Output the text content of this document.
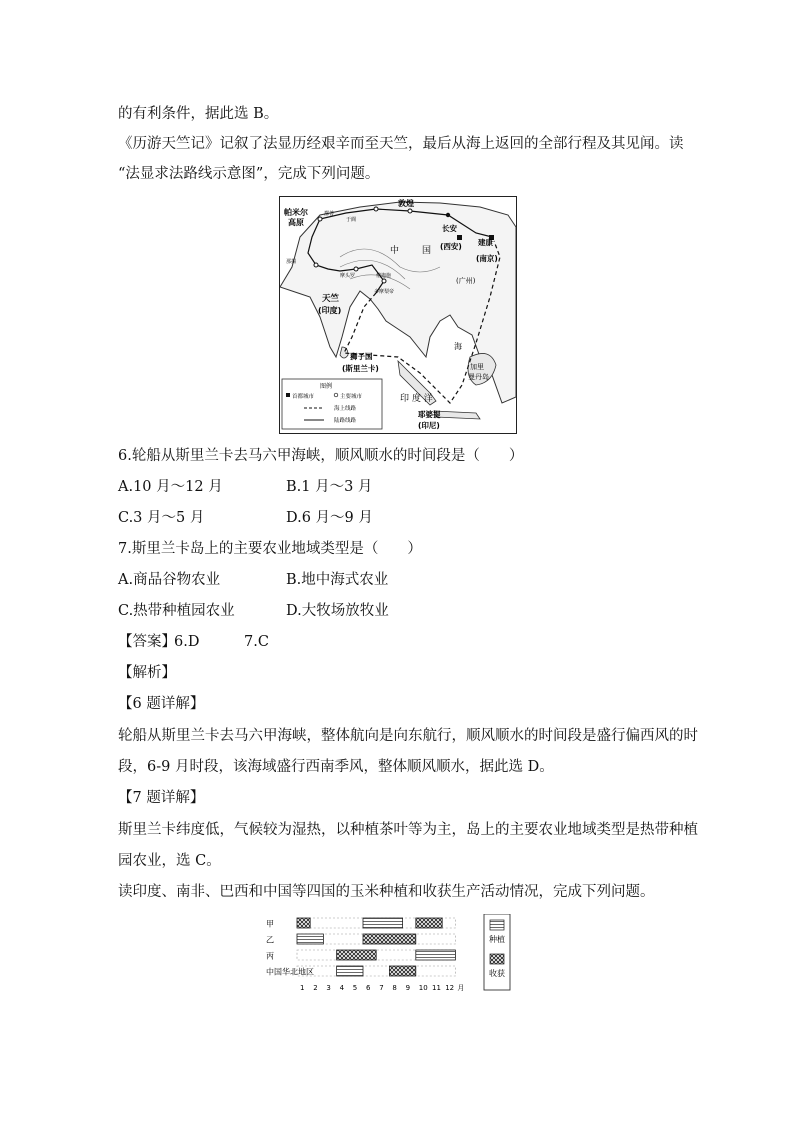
的有利条件，据此选 B。
《历游天竺记》记叙了法显历经艰辛而至天竺，最后从海上返回的全部行程及其见闻。读
“法显求法路线示意图”，完成下列问题。
帕米尔
高原
敦煌
长安
(西安) 建康
(南京)
(广州)
中	国
天竺
(印度)
狮子国
(斯里兰卡)
耶婆提
(印尼)
加里
曼丹岛
海
印 度 洋
鄯善
于阗
那揭
摩头罗	僧迦施
多摩梨帝
图例
首都城市	主要城市
海上线路
陆路线路
6.轮船从斯里兰卡去马六甲海峡，顺风顺水的时间段是（　　）
A.10 月～12 月	B.1 月～3 月
C.3 月～5 月	D.6 月～9 月
7.斯里兰卡岛上的主要农业地域类型是（　　）
A.商品谷物农业	B.地中海式农业
C.热带种植园农业	D.大牧场放牧业
【答案】
6.D	7.C
【解析】
【6 题详解】
轮船从斯里兰卡去马六甲海峡，整体航向是向东航行，顺风顺水的时间段是盛行偏西风的时
段，6-9 月时段，该海域盛行西南季风，整体顺风顺水，据此选 D。
【7 题详解】
斯里兰卡纬度低，气候较为湿热，以种植茶叶等为主，岛上的主要农业地域类型是热带种植
园农业，选 C。
读印度、南非、巴西和中国等四国的玉米种植和收获生产活动情况，完成下列问题。
甲
乙
丙
中国华北地区
1 2 3 4 5 6 7 8 9 10 11 12 月
种植
收获
